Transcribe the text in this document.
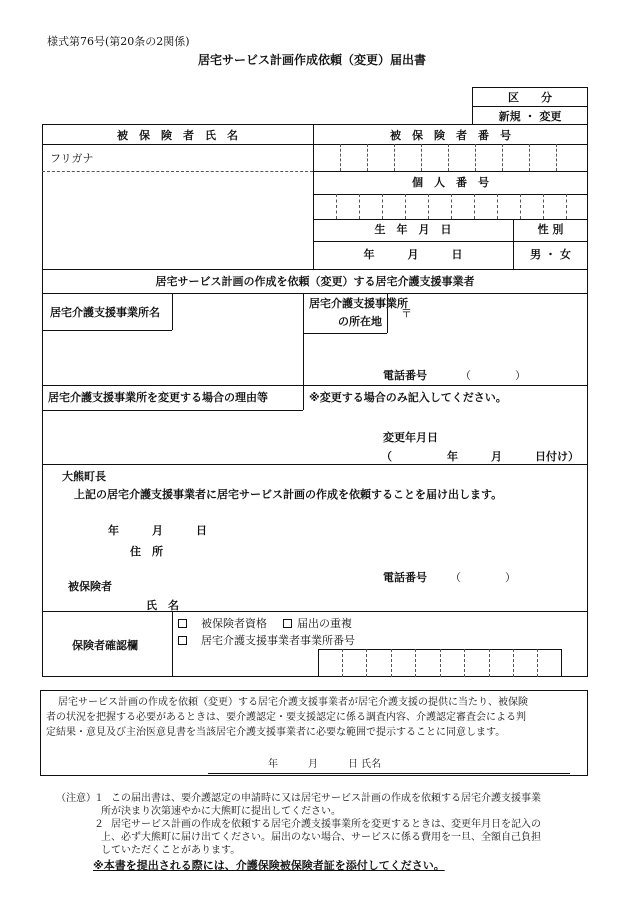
様式第76号(第20条の2関係)
居宅サービス計画作成依頼（変更）届出書
区　　分
新規 ・ 変更
被　保　険　者　氏　名	被　保　険　者　番　号
フリガナ
個　人　番　号
生　年　月　日	性 別
年　　　月　　　日	男 ・ 女
居宅サービス計画の作成を依頼（変更）する居宅介護支援事業者
居宅介護支援事業所名
居宅介護支援事業所
の所在地
〒
電話番号	（　　　　）
居宅介護支援事業所を変更する場合の理由等	※変更する場合のみ記入してください。
変更年月日
（　　　　　年　　　月　　　日付け）
大熊町長
上記の居宅介護支援事業者に居宅サービス計画の作成を依頼することを届け出します。
年　　　月　　　日
住　所
被保険者
電話番号 （　　　　）
氏　名
保険者確認欄
被保険者資格	届出の重複
居宅介護支援事業者事業所番号
居宅サービス計画の作成を依頼（変更）する居宅介護支援事業者が居宅介護支援の提供に当たり、被保険
者の状況を把握する必要があるときは、要介護認定・要支援認定に係る調査内容、介護認定審査会による判
定結果・意見及び主治医意見書を当該居宅介護支援事業者に必要な範囲で提示することに同意します。
年　　　月　　　日 氏名
（注意）
１ この届出書は、要介護認定の申請時に又は居宅サービス計画の作成を依頼する居宅介護支援事業
所が決まり次第速やかに大熊町に提出してください。
２ 居宅サービス計画の作成を依頼する居宅介護支援事業所を変更するときは、変更年月日を記入の
上、必ず大熊町に届け出てください。届出のない場合、サービスに係る費用を一旦、全額自己負担
していただくことがあります。
※本書を提出される際には、介護保険被保険者証を添付してください。
